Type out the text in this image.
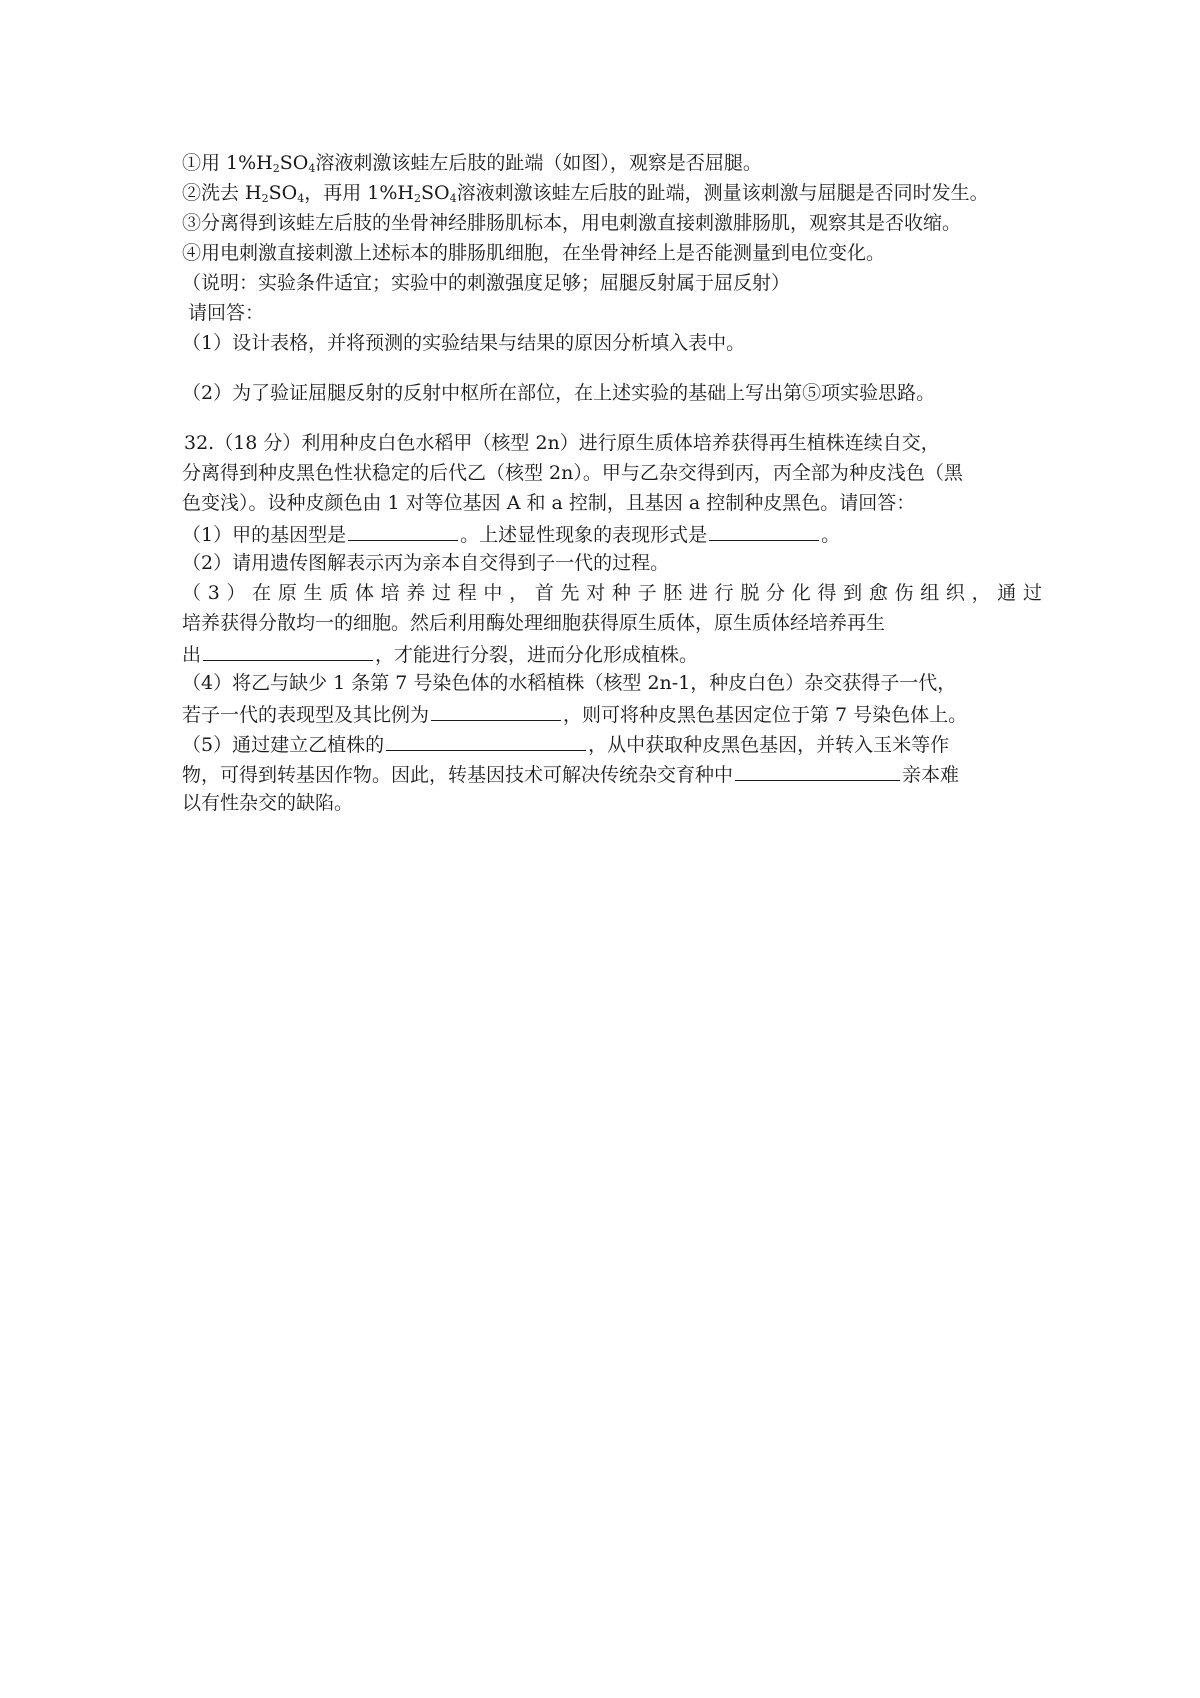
①用 $1\%H_2SO_4$溶液刺激该蛙左后肢的趾端（如图），观察是否屈腿。
②洗去 $H_2SO_4$，再用 $1\%H_2SO_4$溶液刺激该蛙左后肢的趾端，测量该刺激与屈腿是否同时发生。
③分离得到该蛙左后肢的坐骨神经腓肠肌标本，用电刺激直接刺激腓肠肌，观察其是否收缩。
④用电刺激直接刺激上述标本的腓肠肌细胞，在坐骨神经上是否能测量到电位变化。
（说明：实验条件适宜；实验中的刺激强度足够；屈腿反射属于屈反射）
请回答：
（1）设计表格，并将预测的实验结果与结果的原因分析填入表中。
（2）为了验证屈腿反射的反射中枢所在部位，在上述实验的基础上写出第⑤项实验思路。
32.（18 分）利用种皮白色水稻甲（核型 2n）进行原生质体培养获得再生植株连续自交，
分离得到种皮黑色性状稳定的后代乙（核型 2n）。甲与乙杂交得到丙，丙全部为种皮浅色（黑
色变浅）。设种皮颜色由 1 对等位基因 A 和 a 控制，且基因 a 控制种皮黑色。请回答：
（1）甲的基因型是	。上述显性现象的表现形式是	。
（2）请用遗传图解表示丙为亲本自交得到子一代的过程。
（3）在原生质体培养过程中，首先对种子胚进行脱分化得到愈伤组织，通过
培养获得分散均一的细胞。然后利用酶处理细胞获得原生质体，原生质体经培养再生
出	，才能进行分裂，进而分化形成植株。
（4）将乙与缺少 1 条第 7 号染色体的水稻植株（核型 2n-1，种皮白色）杂交获得子一代，
若子一代的表现型及其比例为	，则可将种皮黑色基因定位于第 7 号染色体上。
（5）通过建立乙植株的	，从中获取种皮黑色基因，并转入玉米等作
物，可得到转基因作物。因此，转基因技术可解决传统杂交育种中	亲本难
以有性杂交的缺陷。
